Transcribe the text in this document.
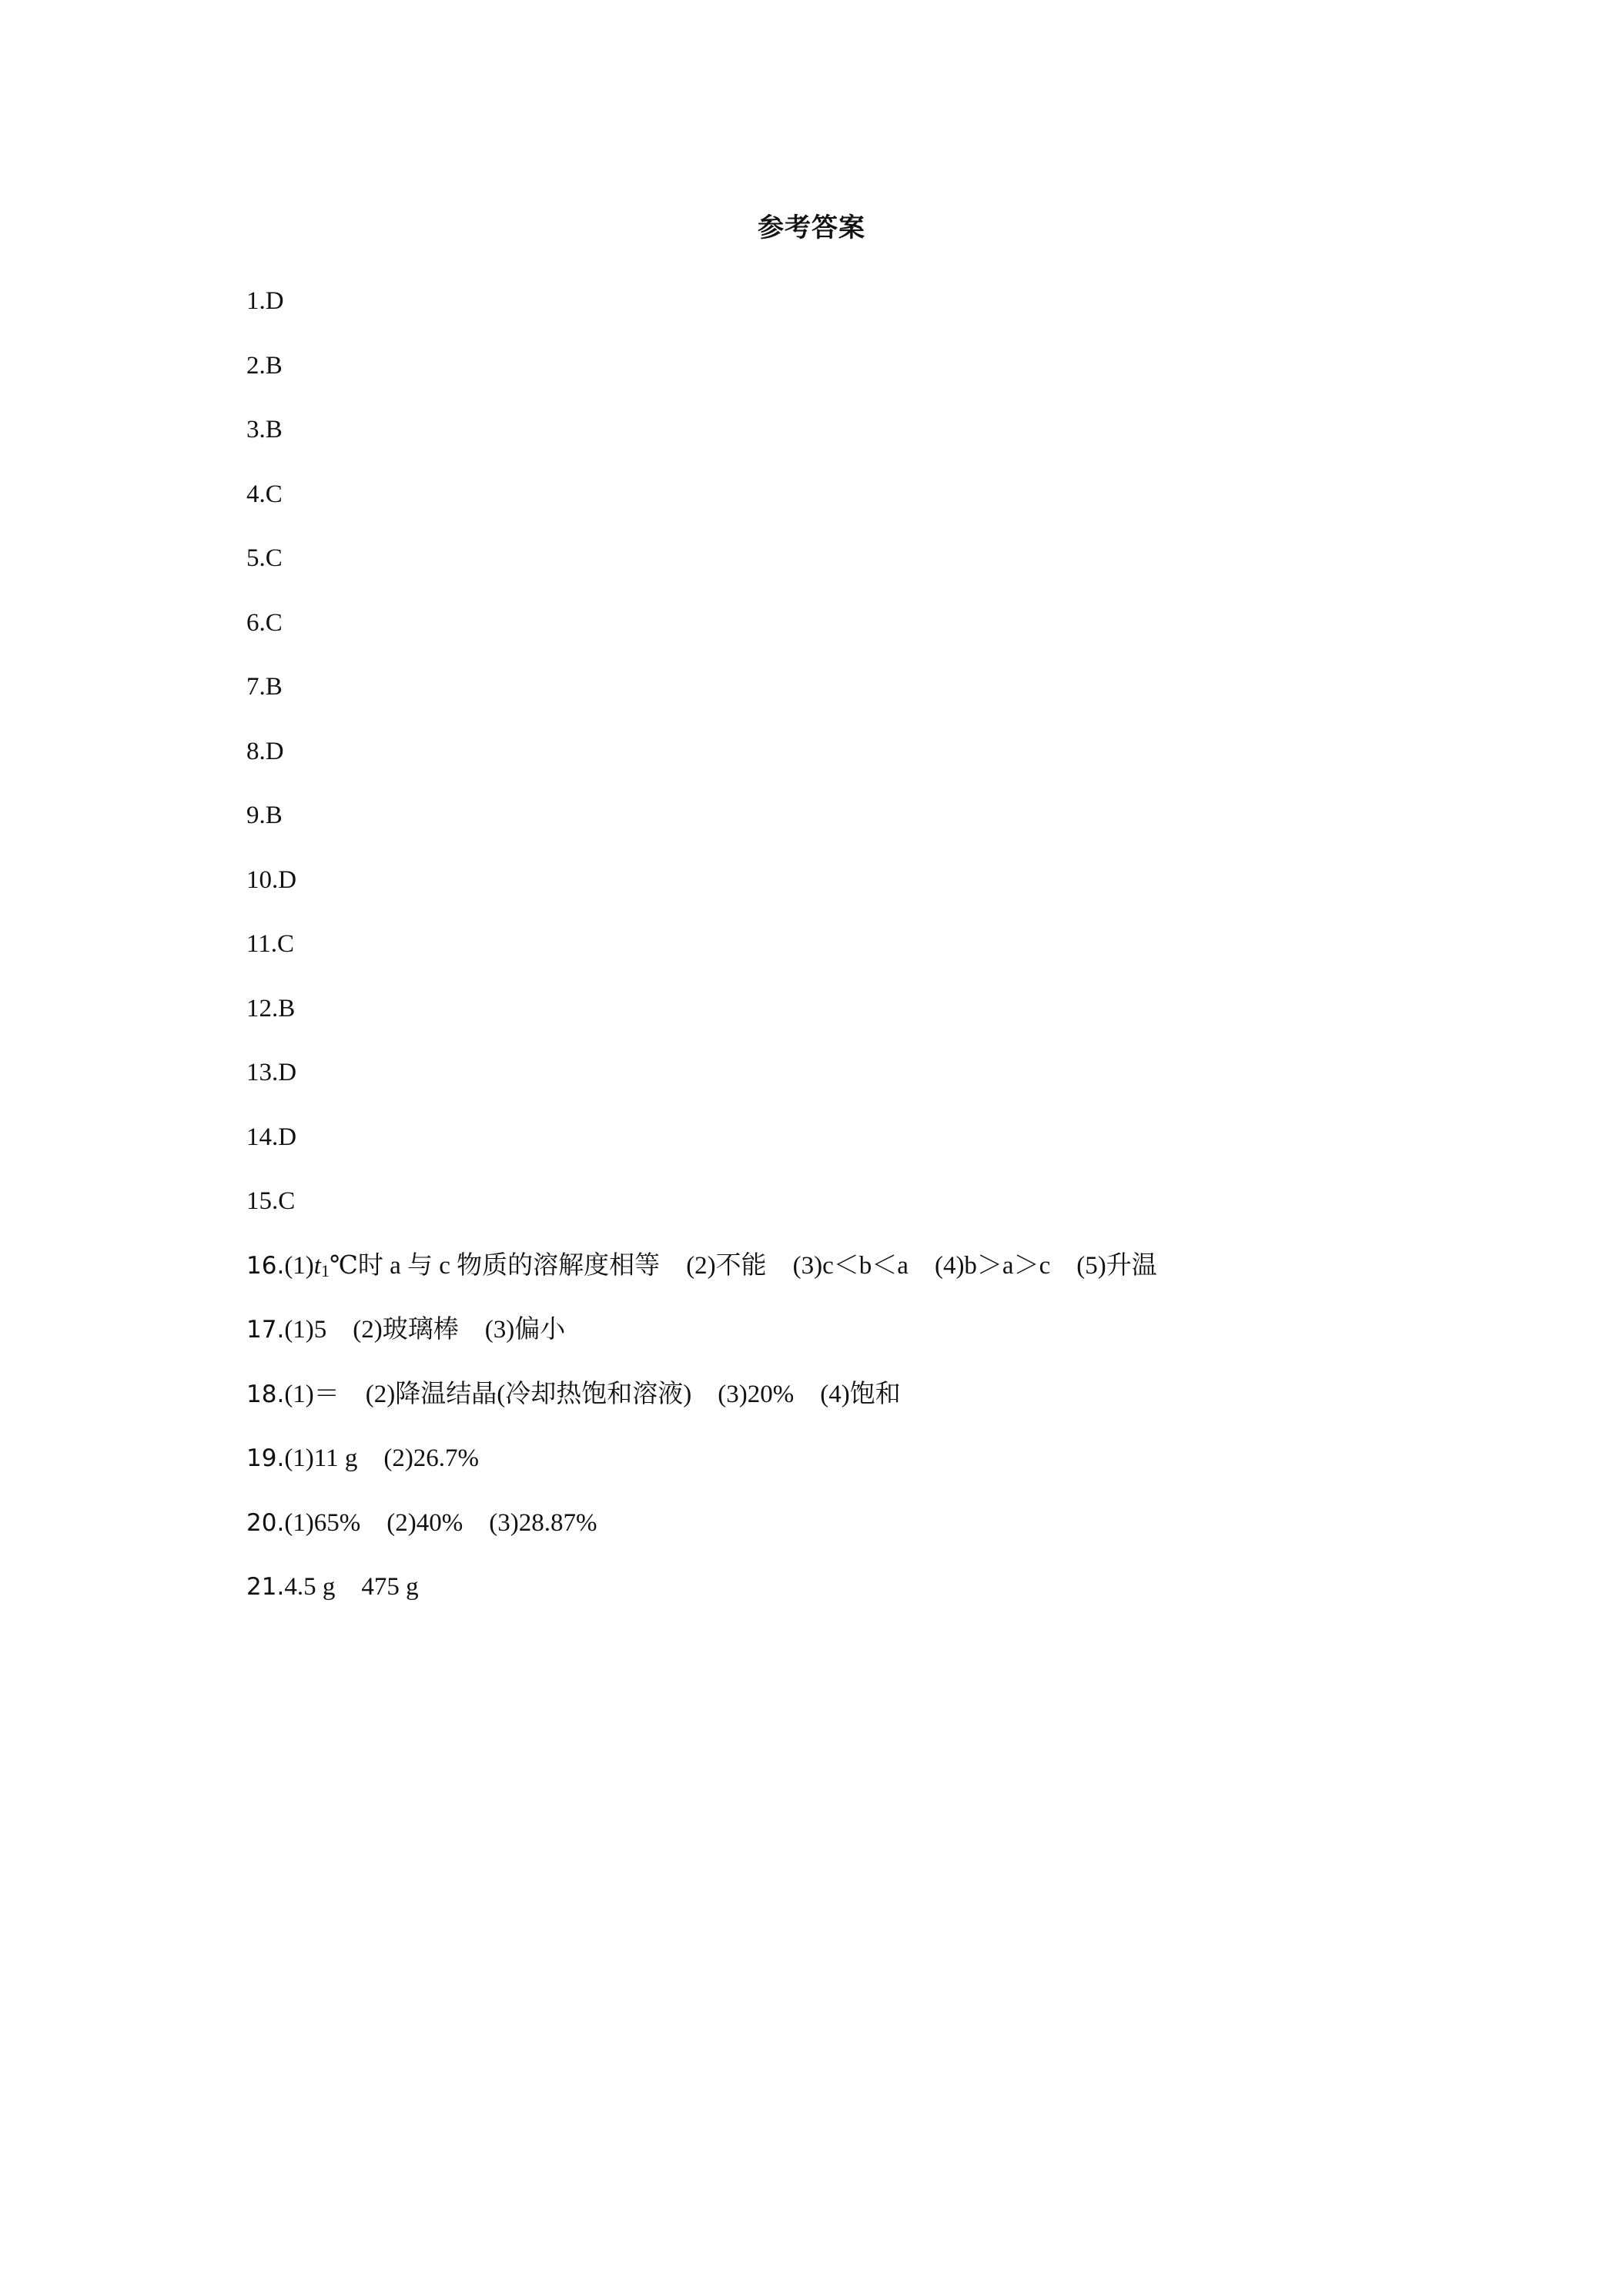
参考答案
1.D
2.B
3.B
4.C
5.C
6.C
7.B
8.D
9.B
10.D
11.C
12.B
13.D
14.D
15.C
$16.(1)t_1℃$时 a 与 c 物质的溶解度相等 (2)不能 (3)c＜b＜a (4)b＞a＞c (5)升温
17.(1)5 (2)玻璃棒 (3)偏小
18.(1)＝ (2)降温结晶(冷却热饱和溶液) (3)20% (4)饱和
19.(1)11 g (2)26.7%
20.(1)65% (2)40% (3)28.87%
21.4.5 g 475 g
